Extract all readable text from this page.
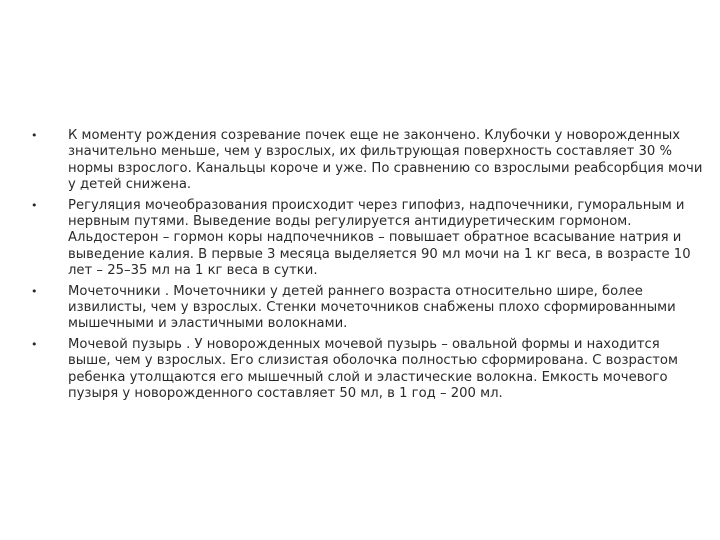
• К моменту рождения созревание почек еще не закончено. Клубочки у новорожденных значительно меньше, чем у взрослых, их фильтрующая поверхность составляет 30 % нормы взрослого. Канальцы короче и уже. По сравнению со взрослыми реабсорбция мочи у детей снижена.
• Регуляция мочеобразования происходит через гипофиз, надпочечники, гуморальным и нервным путями. Выведение воды регулируется антидиуретическим гормоном. Альдостерон – гормон коры надпочечников – повышает обратное всасывание натрия и выведение калия. В первые 3 месяца выделяется 90 мл мочи на 1 кг веса, в возрасте 10 лет – 25–35 мл на 1 кг веса в сутки.
• Мочеточники . Мочеточники у детей раннего возраста относительно шире, более извилисты, чем у взрослых. Стенки мочеточников снабжены плохо сформированными мышечными и эластичными волокнами.
• Мочевой пузырь . У новорожденных мочевой пузырь – овальной формы и находится выше, чем у взрослых. Его слизистая оболочка полностью сформирована. С возрастом ребенка утолщаются его мышечный слой и эластические волокна. Емкость мочевого пузыря у новорожденного составляет 50 мл, в 1 год – 200 мл.
